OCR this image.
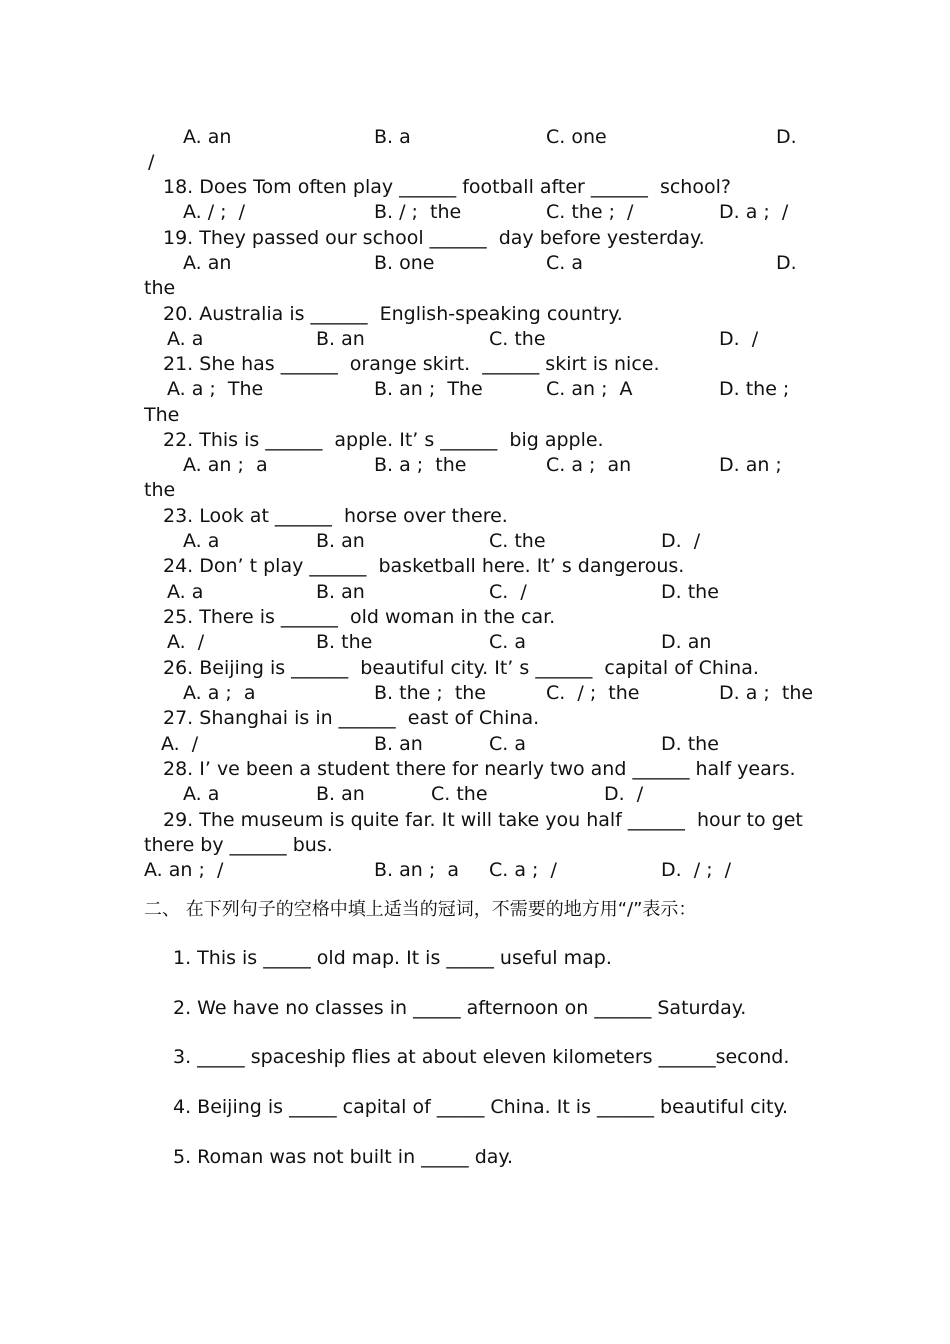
A. an	B. a	C. one	D.
/
18. Does Tom often play ______ football after ______  school?
A. / ;  /	B. / ;  the	C. the ;  /	D. a ;  /
19. They passed our school ______  day before yesterday.
A. an	B. one	C. a	D.
the
20. Australia is ______  English-speaking country.
A. a	B. an	C. the	D.  /
21. She has ______  orange skirt.  ______ skirt is nice.
A. a ;  The	B. an ;  The	C. an ;  A	D. the ;
The
22. This is ______  apple. It’ s ______  big apple.
A. an ;  a	B. a ;  the	C. a ;  an	D. an ;
the
23. Look at ______  horse over there.
A. a	B. an	C. the	D.  /
24. Don’ t play ______  basketball here. It’ s dangerous.
A. a	B. an	C.  /	D. the
25. There is ______  old woman in the car.
A.  /	B. the	C. a	D. an
26. Beijing is ______  beautiful city. It’ s ______  capital of China.
A. a ;  a	B. the ;  the	C.  / ;  the	D. a ;  the
27. Shanghai is in ______  east of China.
A.  /	B. an	C. a	D. the
28. I’ ve been a student there for nearly two and ______ half years.
A. a	B. an	C. the	D.  /
29. The museum is quite far. It will take you half ______  hour to get
there by ______ bus.
A. an ;  /	B. an ;  a C. a ;  /	D.  / ;  /
二、 在下列句子的空格中填上适当的冠词，不需要的地方用“/”表示：
1. This is _____ old map. It is _____ useful map.
2. We have no classes in _____ afternoon on ______ Saturday.
3. _____ spaceship flies at about eleven kilometers ______second.
4. Beijing is _____ capital of _____ China. It is ______ beautiful city.
5. Roman was not built in _____ day.
